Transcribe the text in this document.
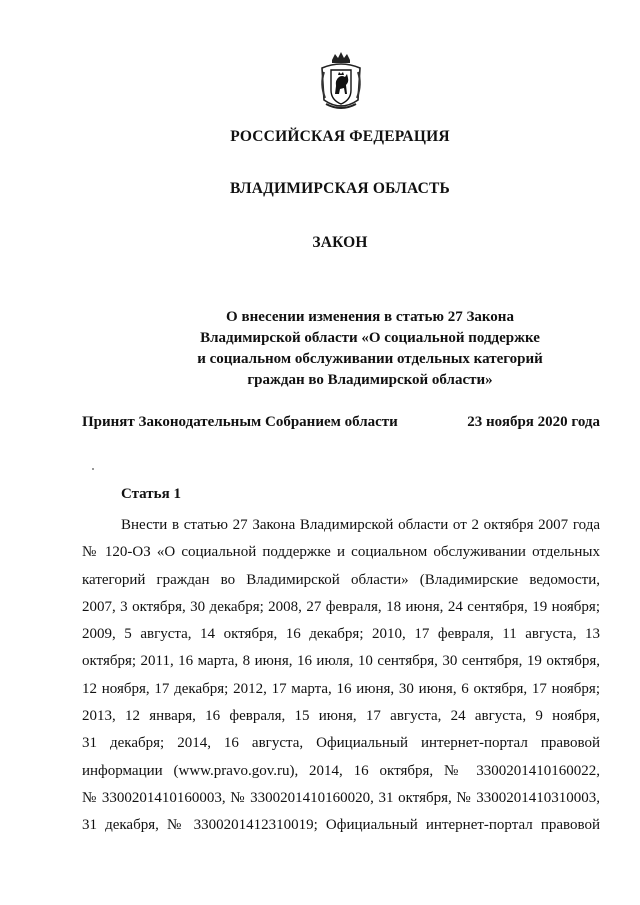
РОССИЙСКАЯ ФЕДЕРАЦИЯ
ВЛАДИМИРСКАЯ ОБЛАСТЬ
ЗАКОН
О внесении изменения в статью 27 Закона
Владимирской области «О социальной поддержке
и социальном обслуживании отдельных категорий
граждан во Владимирской области»
Принят Законодательным Собранием области	23 ноября 2020 года
Статья 1
Внести в статью 27 Закона Владимирской области от 2 октября 2007 года
№ 120-ОЗ «О социальной поддержке и социальном обслуживании отдельных
категорий граждан во Владимирской области» (Владимирские ведомости,
2007, 3 октября, 30 декабря; 2008, 27 февраля, 18 июня, 24 сентября, 19 ноября;
2009, 5 августа, 14 октября, 16 декабря; 2010, 17 февраля, 11 августа, 13
октября; 2011, 16 марта, 8 июня, 16 июля, 10 сентября, 30 сентября, 19 октября,
12 ноября, 17 декабря; 2012, 17 марта, 16 июня, 30 июня, 6 октября, 17 ноября;
2013, 12 января, 16 февраля, 15 июня, 17 августа, 24 августа, 9 ноября,
31 декабря; 2014, 16 августа, Официальный интернет-портал правовой
информации (www.pravo.gov.ru), 2014, 16 октября, № 3300201410160022,
№ 3300201410160003, № 3300201410160020, 31 октября, № 3300201410310003,
31 декабря, № 3300201412310019; Официальный интернет-портал правовой
